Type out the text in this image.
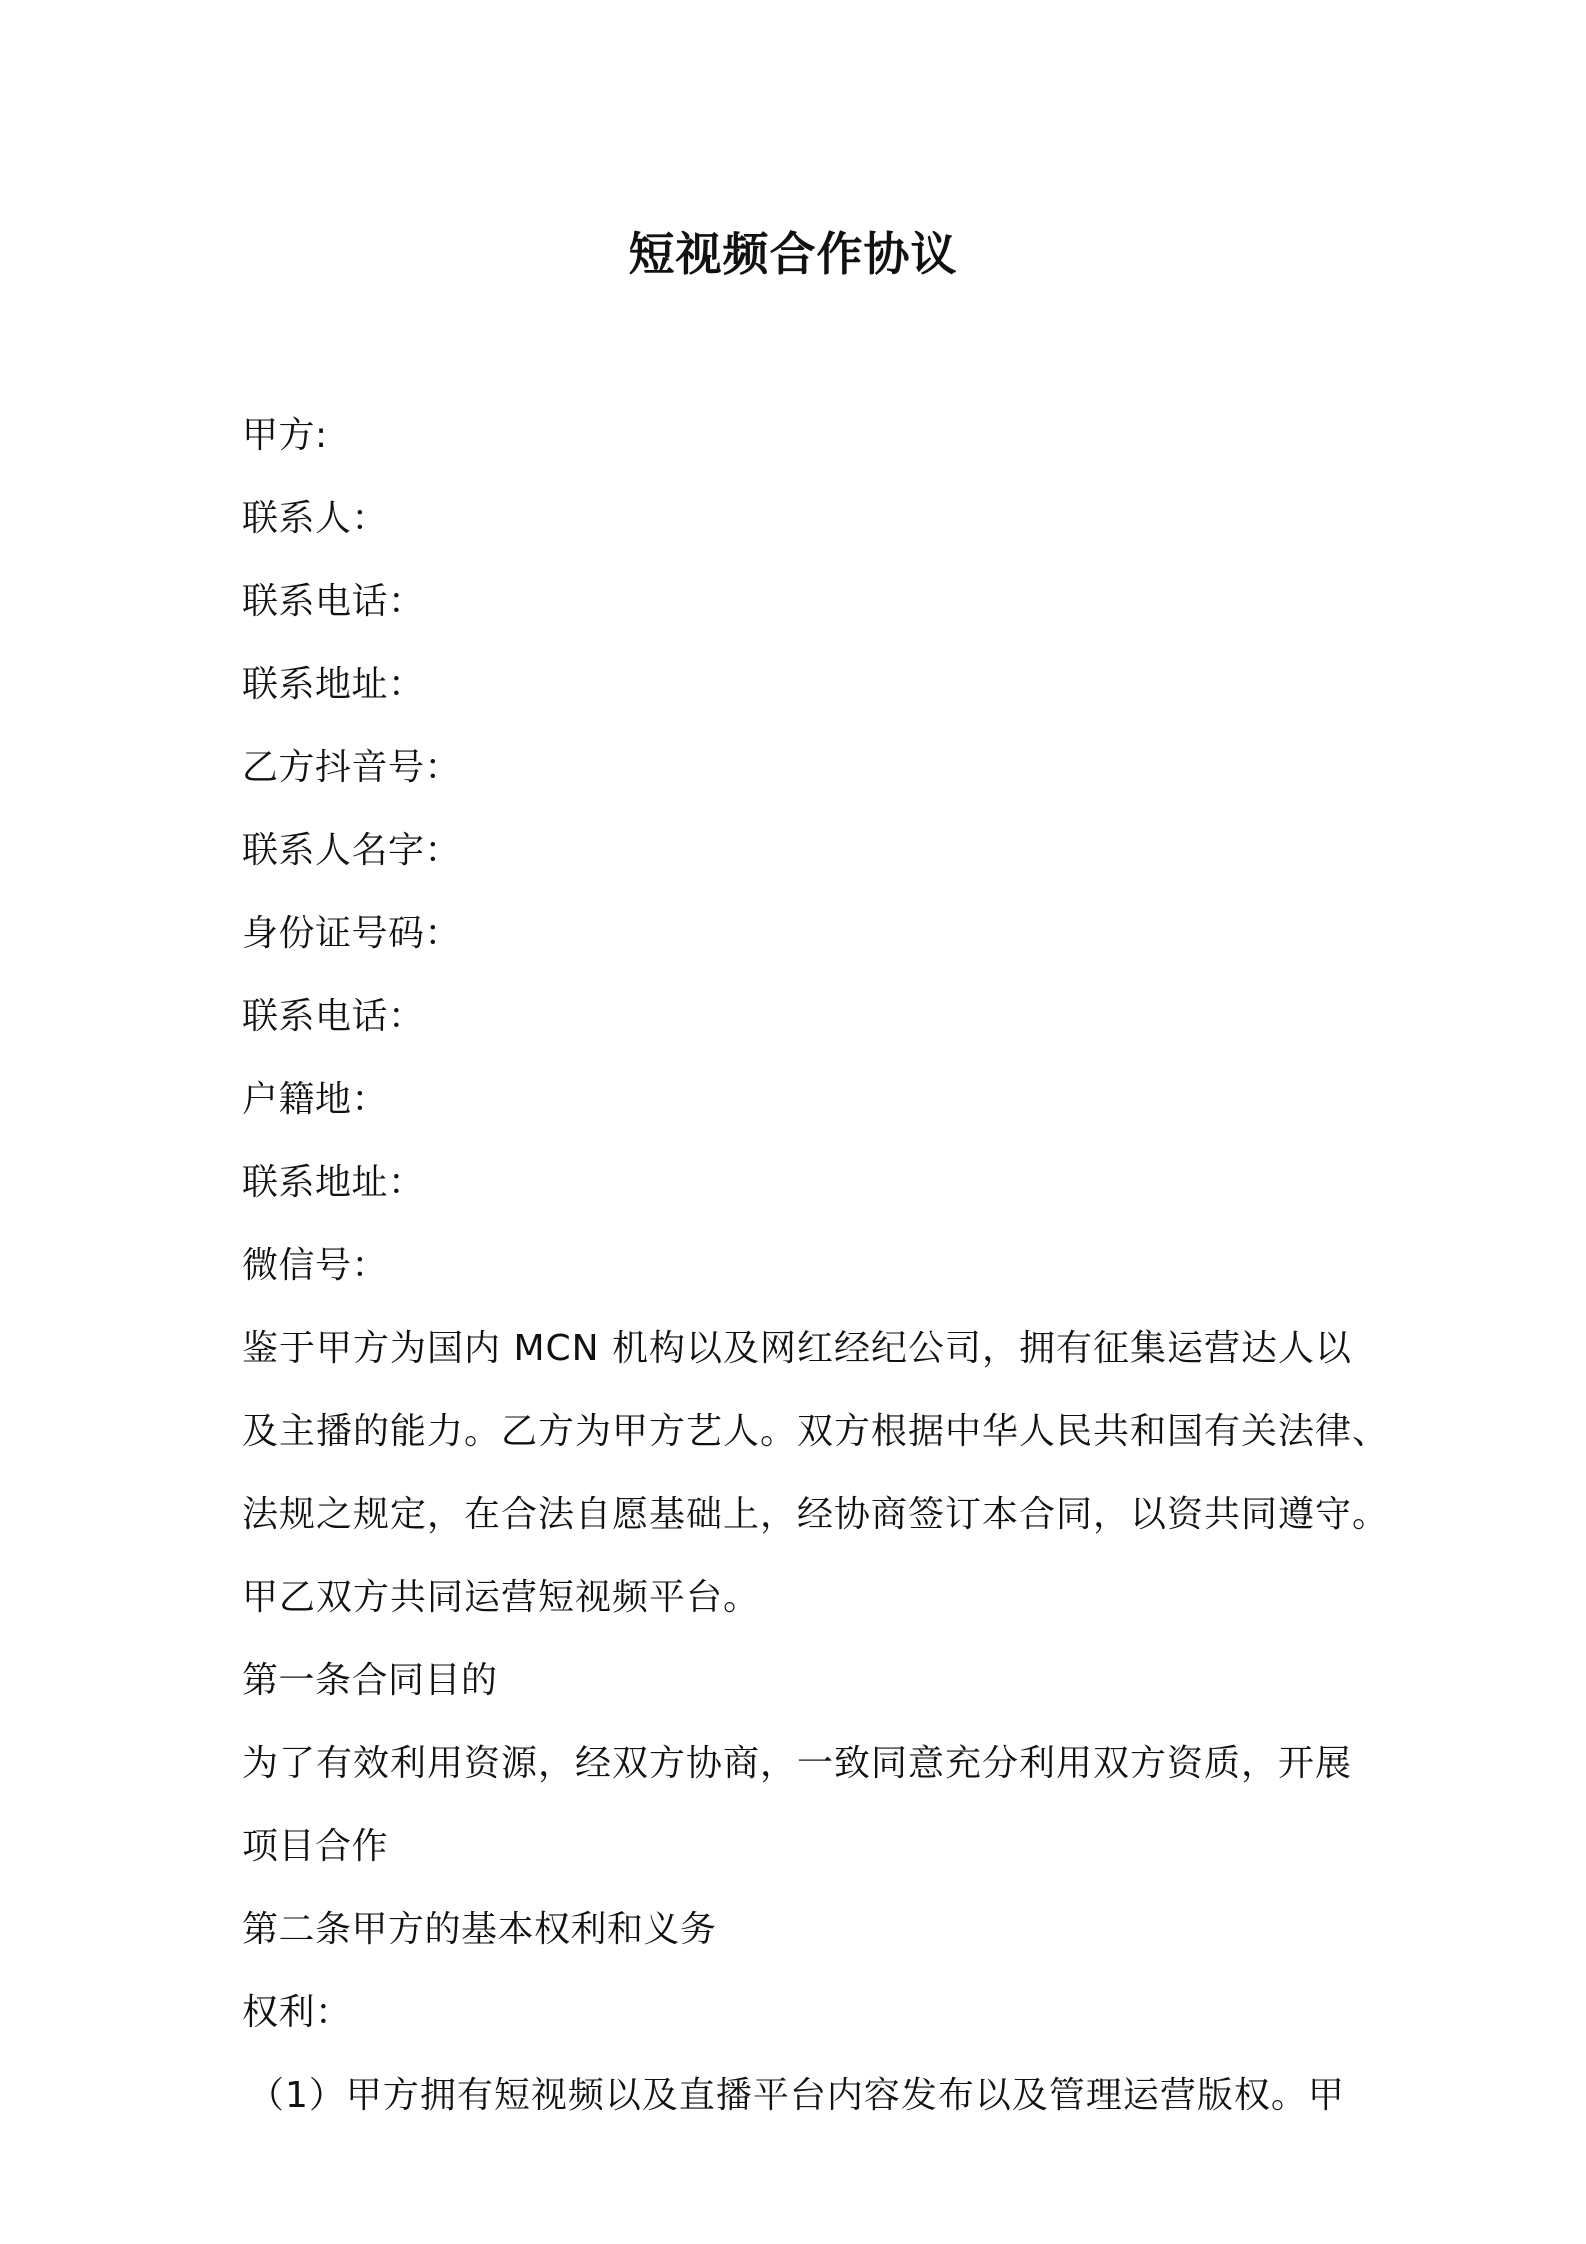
短视频合作协议
甲方:
联系人：
联系电话：
联系地址：
乙方抖音号：
联系人名字：
身份证号码：
联系电话：
户籍地：
联系地址：
微信号：
鉴于甲方为国内 MCN 机构以及网红经纪公司，拥有征集运营达人以
及主播的能力。乙方为甲方艺人。双方根据中华人民共和国有关法律、
法规之规定，在合法自愿基础上，经协商签订本合同，以资共同遵守。
甲乙双方共同运营短视频平台。
第一条合同目的
为了有效利用资源，经双方协商，一致同意充分利用双方资质，开展
项目合作
第二条甲方的基本权利和义务
权利：
（1）甲方拥有短视频以及直播平台内容发布以及管理运营版权。甲
